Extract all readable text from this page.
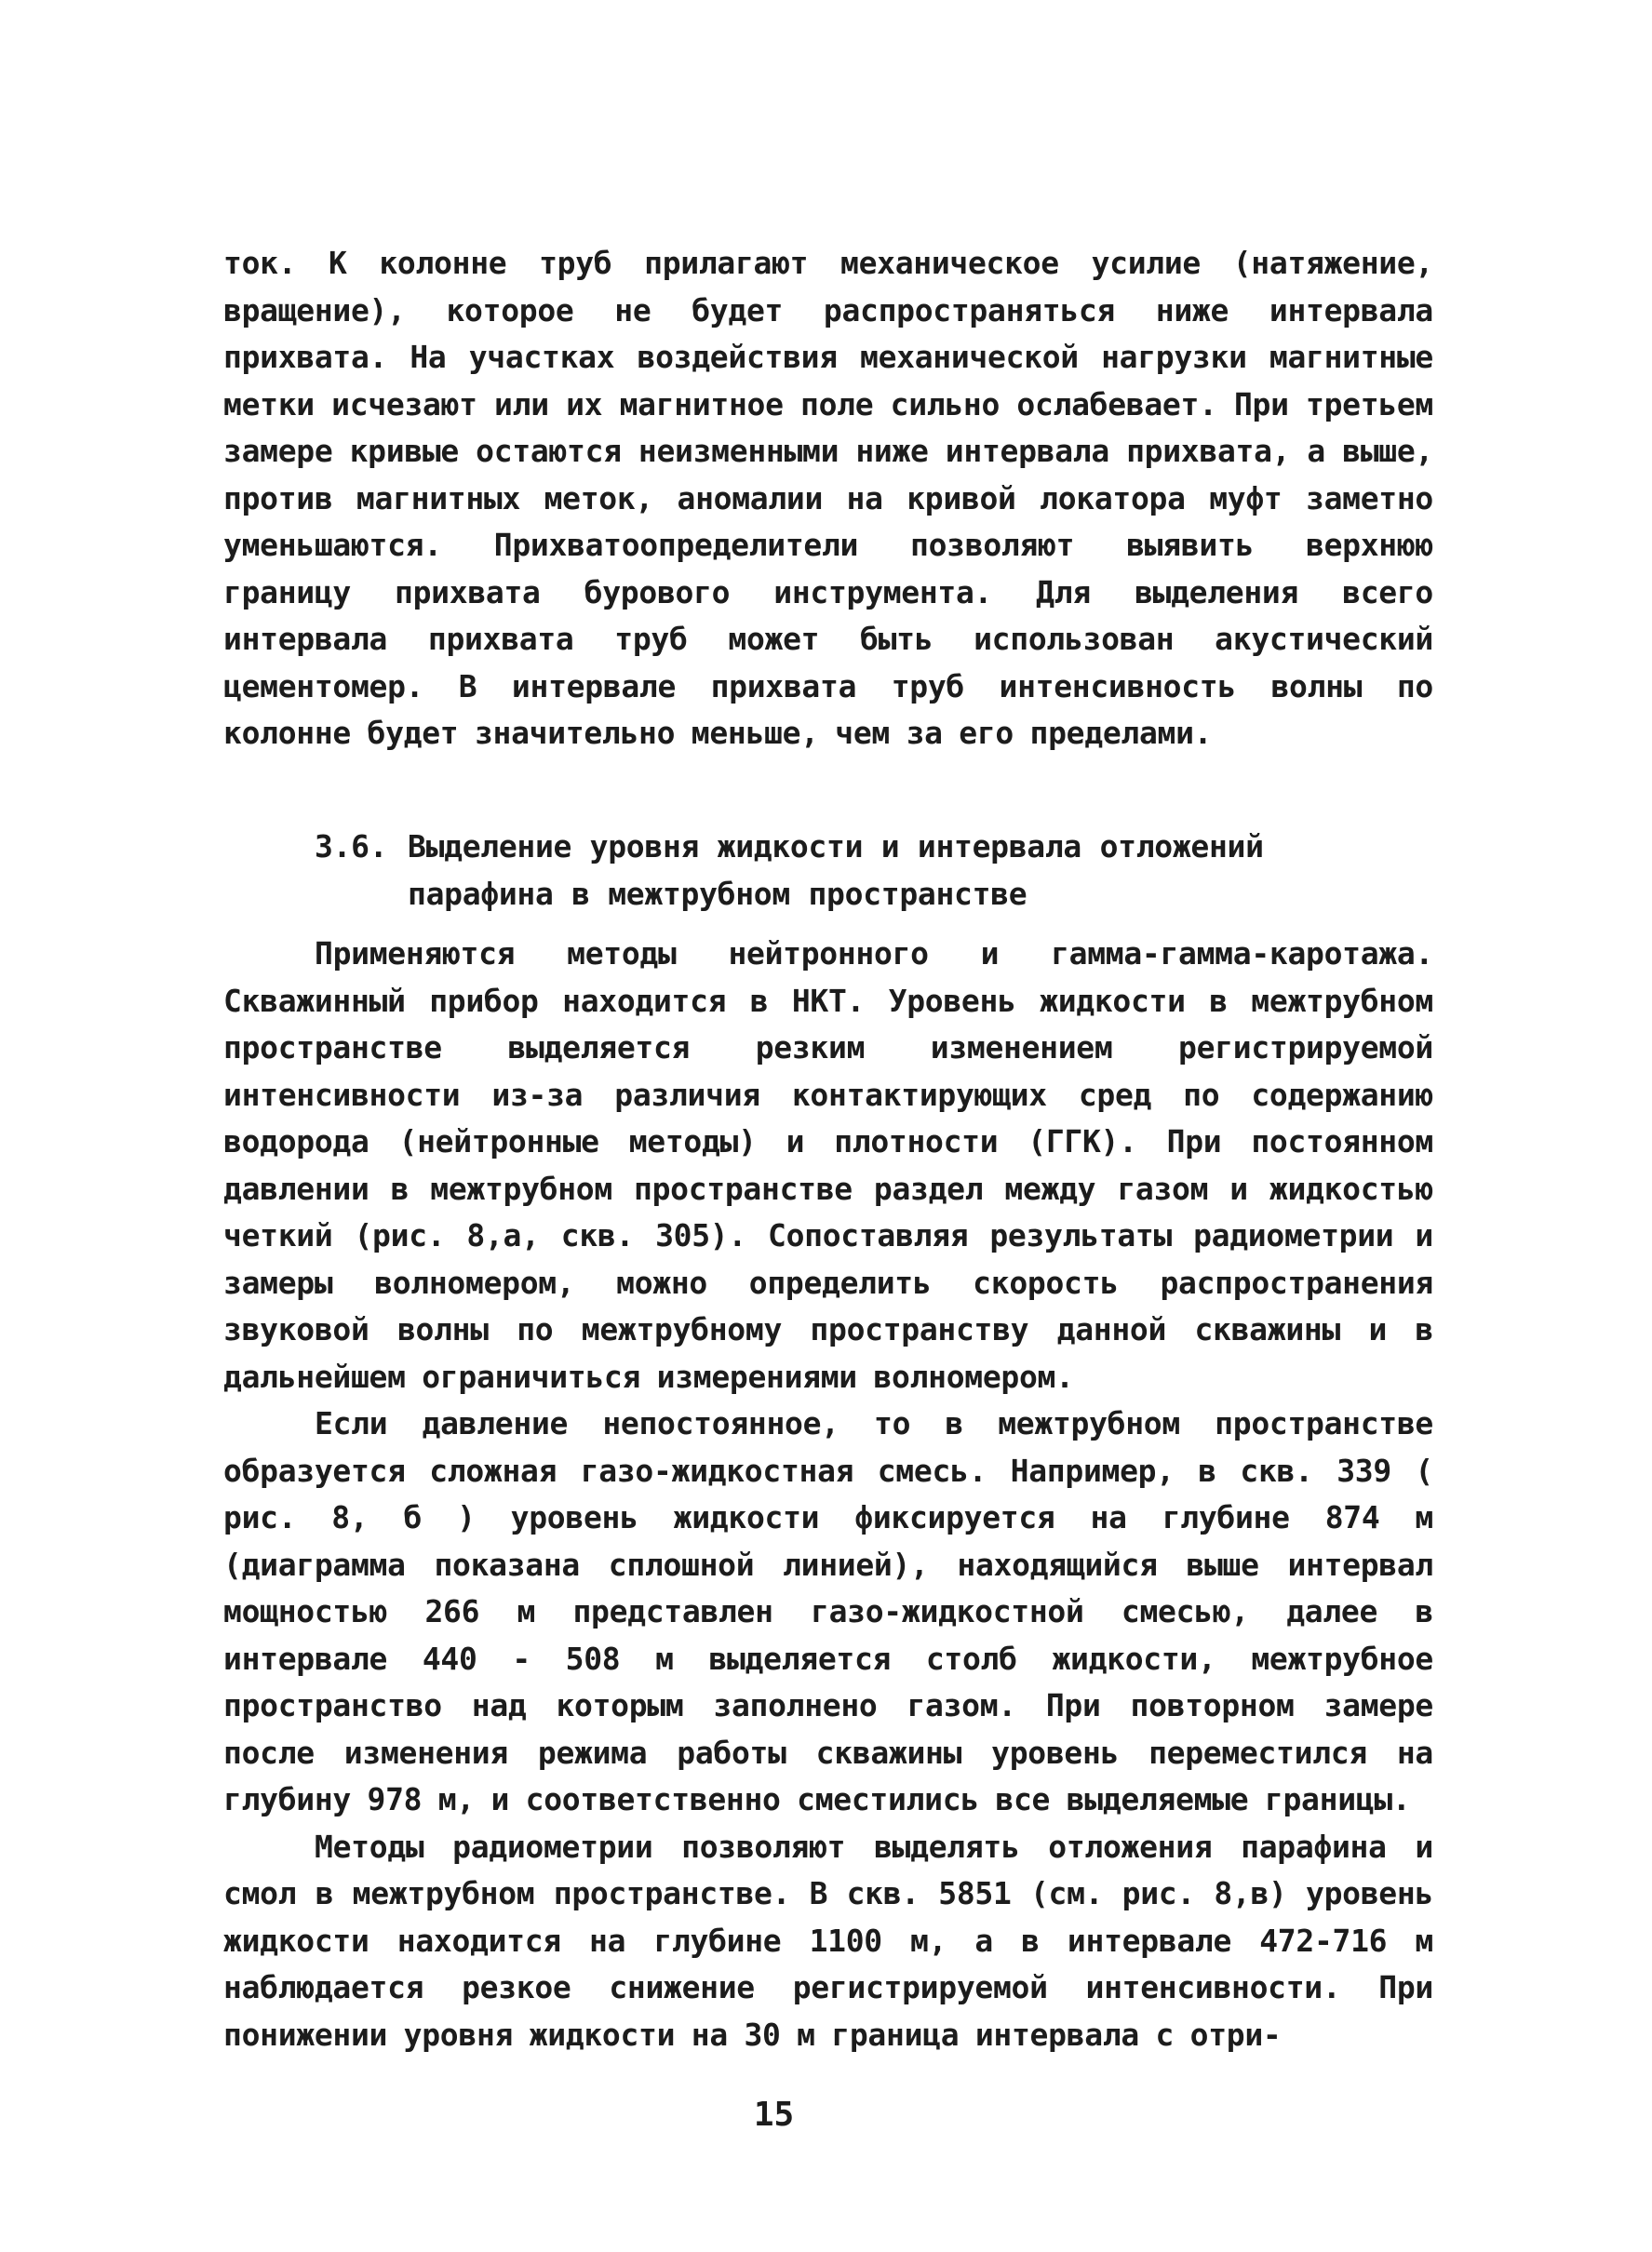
ток. К колонне труб прилагают механическое усилие (натяжение, вращение), которое не будет распространяться ниже интервала прихвата. На участках воздействия механической нагрузки магнитные метки исчезают или их магнитное поле сильно ослабевает. При третьем замере кривые остаются неизменными ниже интервала прихвата, а выше, против магнитных меток, аномалии на кривой локатора муфт заметно уменьшаются. Прихватоопределители позволяют выявить верхнюю границу прихвата бурового инструмента. Для выделения всего интервала прихвата труб может быть использован акустический цементомер. В интервале прихвата труб интенсивность волны по колонне будет значительно меньше, чем за его пределами.

3.6. Выделение уровня жидкости и интервала отложений
парафина в межтрубном пространстве

Применяются методы нейтронного и гамма-гамма-каротажа. Скважинный прибор находится в НКТ. Уровень жидкости в межтрубном пространстве выделяется резким изменением регистрируемой интенсивности из-за различия контактирующих сред по содержанию водорода (нейтронные методы) и плотности (ГГК). При постоянном давлении в межтрубном пространстве раздел между газом и жидкостью четкий (рис. 8,а, скв. 305). Сопоставляя результаты радиометрии и замеры волномером, можно определить скорость распространения звуковой волны по межтрубному пространству данной скважины и в дальнейшем ограничиться измерениями волномером.

Если давление непостоянное, то в межтрубном пространстве образуется сложная газо-жидкостная смесь. Например, в скв. 339 ( рис. 8, б ) уровень жидкости фиксируется на глубине 874 м (диаграмма показана сплошной линией), находящийся выше интервал мощностью 266 м представлен газо-жидкостной смесью, далее в интервале 440 - 508 м выделяется столб жидкости, межтрубное пространство над которым заполнено газом. При повторном замере после изменения режима работы скважины уровень переместился на глубину 978 м, и соответственно сместились все выделяемые границы.

Методы радиометрии позволяют выделять отложения парафина и смол в межтрубном пространстве. В скв. 5851 (см. рис. 8,в) уровень жидкости находится на глубине 1100 м, а в интервале 472-716 м наблюдается резкое снижение регистрируемой интенсивности. При понижении уровня жидкости на 30 м граница интервала с отри-

15
